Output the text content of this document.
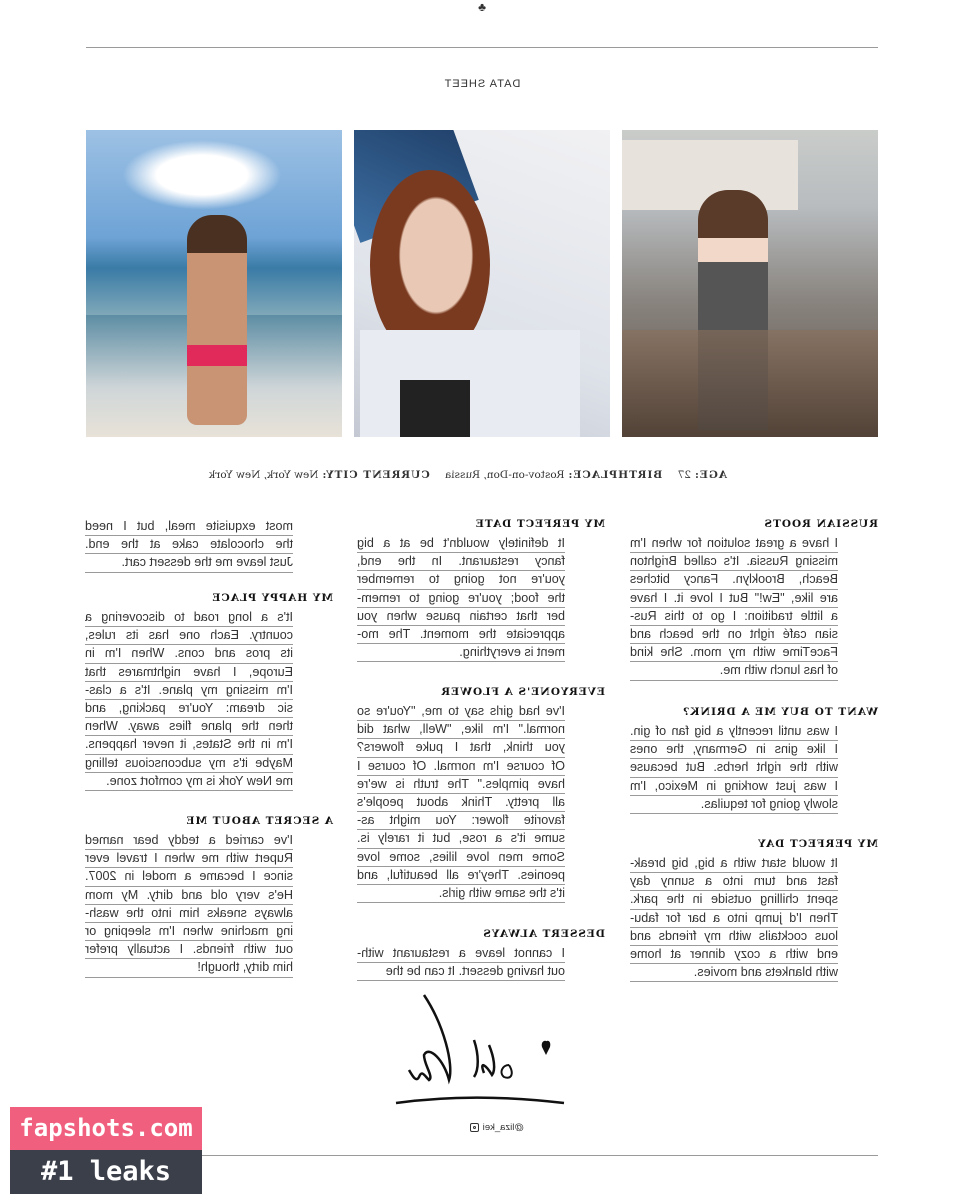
♣
DATA SHEET
AGE:27 BIRTHPLACE:Rostov-on-Don, Russia CURRENT CITY:New York, New York
RUSSIAN ROOTS
I have a great solution for when I'm
missing Russia. It's called Brighton
Beach, Brooklyn. Fancy bitches
are like, "Ew!" But I love it. I have
a little tradition: I go to this Rus-
sian café right on the beach and
FaceTime with my mom. She kind
of has lunch with me.
WANT TO BUY ME A DRINK?
I was until recently a big fan of gin.
I like gins in Germany, the ones
with the right herbs. But because
I was just working in Mexico, I'm
slowly going for tequilas.
MY PERFECT DAY
It would start with a big, big break-
fast and turn into a sunny day
spent chilling outside in the park.
Then I'd jump into a bar for fabu-
lous cocktails with my friends and
end with a cozy dinner at home
with blankets and movies.
MY PERFECT DATE
It definitely wouldn't be at a big
fancy restaurant. In the end,
you're not going to remember
the food; you're going to remem-
ber that certain pause when you
appreciate the moment. The mo-
ment is everything.
EVERYONE'S A FLOWER
I've had girls say to me, "You're so
normal." I'm like, "Well, what did
you think, that I puke flowers?
Of course I'm normal. Of course I
have pimples." The truth is we're
all pretty. Think about people's
favorite flower: You might as-
sume it's a rose, but it rarely is.
Some men love lilies, some love
peonies. They're all beautiful, and
it's the same with girls.
DESSERT ALWAYS
I cannot leave a restaurant with-
out having dessert. It can be the
most exquisite meal, but I need
the chocolate cake at the end.
Just leave me the dessert cart.
MY HAPPY PLACE
It's a long road to discovering a
country. Each one has its rules,
its pros and cons. When I'm in
Europe, I have nightmares that
I'm missing my plane. It's a clas-
sic dream: You're packing, and
then the plane flies away. When
I'm in the States, it never happens.
Maybe it's my subconscious telling
me New York is my comfort zone.
A SECRET ABOUT ME
I've carried a teddy bear named
Rupert with me when I travel ever
since I became a model in 2007.
He's very old and dirty. My mom
always sneaks him into the wash-
ing machine when I'm sleeping or
out with friends. I actually prefer
him dirty, though!
@liza_kei
fapshots.com
#1 leaks
